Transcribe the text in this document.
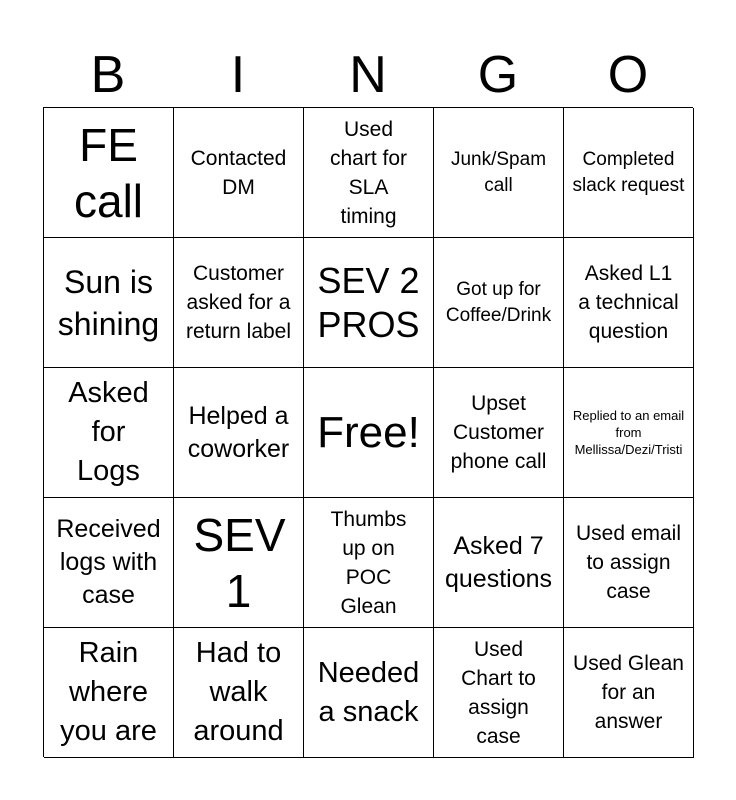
B	I	N	G	O
FE call
Contacted DM
Used chart for SLA timing
Junk/Spam call
Completed slack request
Sun is shining
Customer asked for a return label
SEV 2 PROS
Got up for Coffee/Drink
Asked L1 a technical question
Asked for Logs
Helped a coworker Free!
Upset Customer phone call
Replied to an email from Mellissa/Dezi/Tristi
Received logs with case
SEV 1
Thumbs up on POC Glean
Asked 7 questions
Used email to assign case
Rain where you are
Had to walk around
Needed a snack
Used Chart to assign case
Used Glean for an answer
